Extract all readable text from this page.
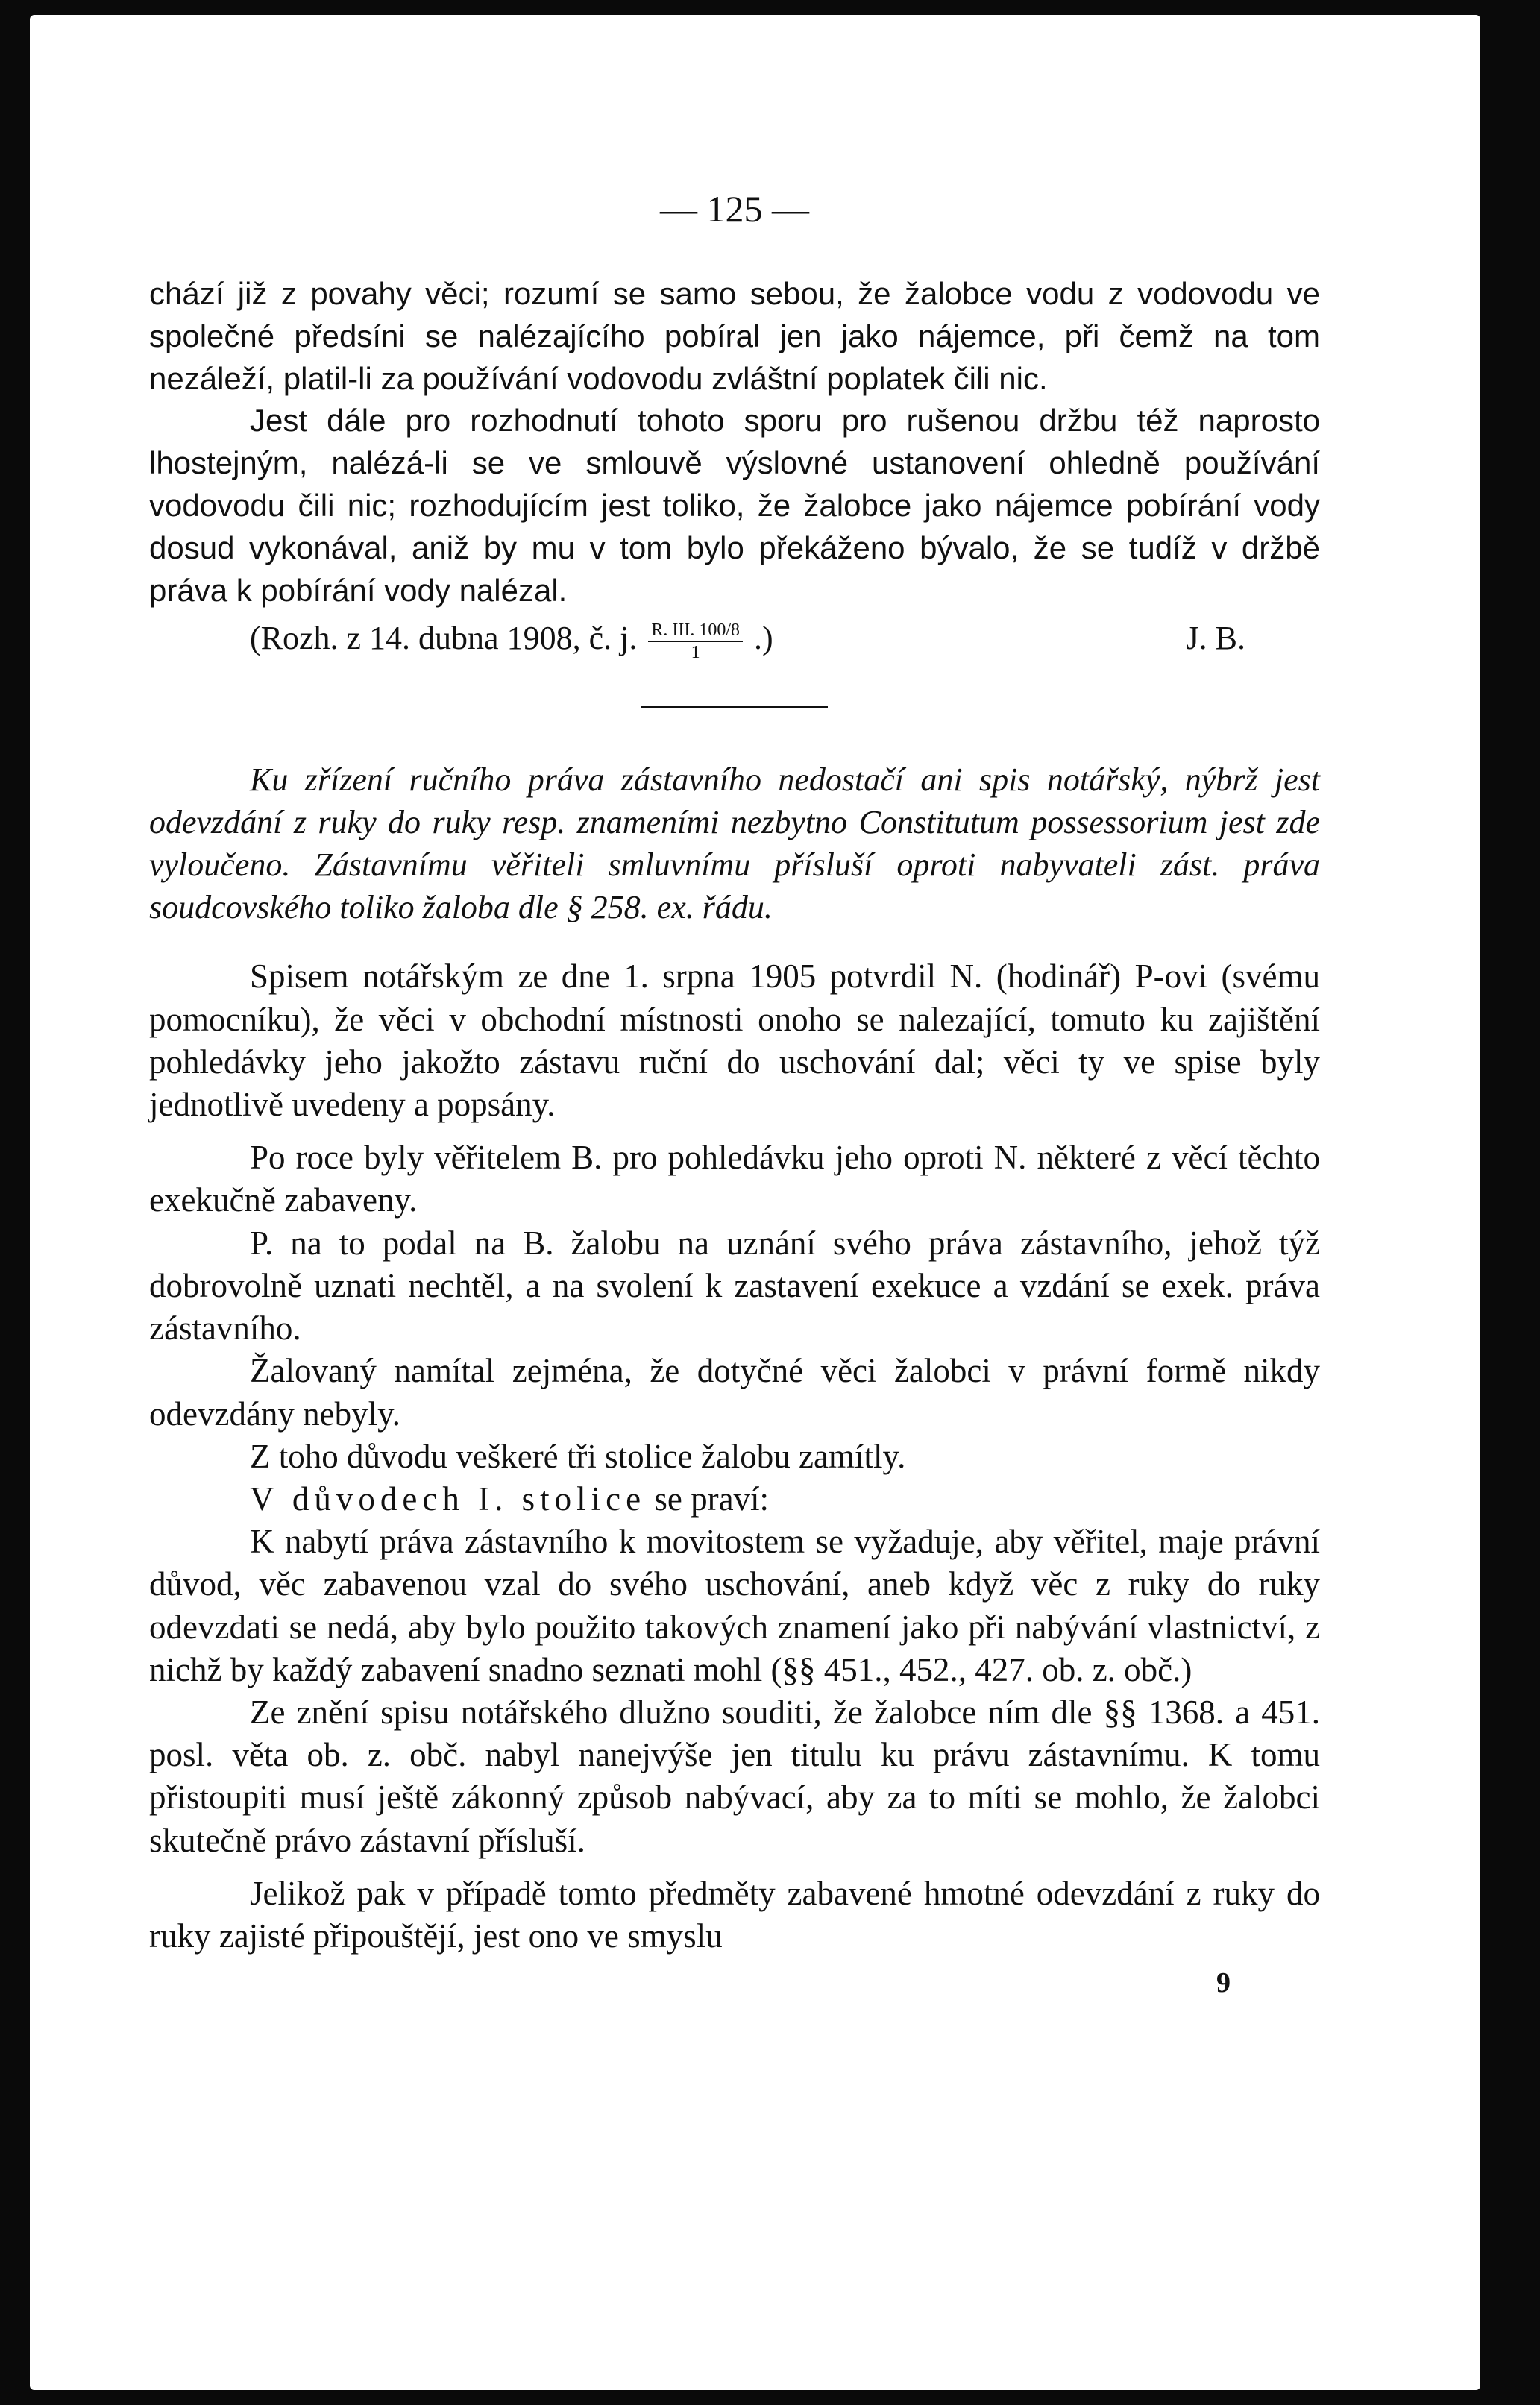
— 125 —

chází již z povahy věci; rozumí se samo sebou, že žalobce vodu z vodovodu ve společné předsíni se nalézajícího pobíral jen jako nájemce, při čemž na tom nezáleží, platil-li za používání vodovodu zvláštní poplatek čili nic.

Jest dále pro rozhodnutí tohoto sporu pro rušenou držbu též naprosto lhostejným, nalézá-li se ve smlouvě výslovné ustanovení ohledně používání vodovodu čili nic; rozhodujícím jest toliko, že žalobce jako nájemce pobírání vody dosud vykonával, aniž by mu v tom bylo překáženo bývalo, že se tudíž v držbě práva k pobírání vody nalézal.

(Rozh. z 14. dubna 1908, č. j. $\frac{\text{R. III. 100/8}}{1}$ .)	J. B.

Ku zřízení ručního práva zástavního nedostačí ani spis notářský, nýbrž jest odevzdání z ruky do ruky resp. znameními nezbytno Constitutum possessorium jest zde vyloučeno. Zástavnímu věřiteli smluvnímu přísluší oproti nabyvateli zást. práva soudcovského toliko žaloba dle § 258. ex. řádu.

Spisem notářským ze dne 1. srpna 1905 potvrdil N. (hodinář) P-ovi (svému pomocníku), že věci v obchodní místnosti onoho se nalezající, tomuto ku zajištění pohledávky jeho jakožto zástavu ruční do uschování dal; věci ty ve spise byly jednotlivě uvedeny a popsány.

Po roce byly věřitelem B. pro pohledávku jeho oproti N. některé z věcí těchto exekučně zabaveny.

P. na to podal na B. žalobu na uznání svého práva zástavního, jehož týž dobrovolně uznati nechtěl, a na svolení k zastavení exekuce a vzdání se exek. práva zástavního.

Žalovaný namítal zejména, že dotyčné věci žalobci v právní formě nikdy odevzdány nebyly.

Z toho důvodu veškeré tři stolice žalobu zamítly.

V důvodech I. stolice se praví:

K nabytí práva zástavního k movitostem se vyžaduje, aby věřitel, maje právní důvod, věc zabavenou vzal do svého uschování, aneb když věc z ruky do ruky odevzdati se nedá, aby bylo použito takových znamení jako při nabývání vlastnictví, z nichž by každý zabavení snadno seznati mohl (§§ 451., 452., 427. ob. z. obč.)

Ze znění spisu notářského dlužno souditi, že žalobce ním dle §§ 1368. a 451. posl. věta ob. z. obč. nabyl nanejvýše jen titulu ku právu zástavnímu. K tomu přistoupiti musí ještě zákonný způsob nabývací, aby za to míti se mohlo, že žalobci skutečně právo zástavní přísluší.

Jelikož pak v případě tomto předměty zabavené hmotné odevzdání z ruky do ruky zajisté připouštějí, jest ono ve smyslu

9
